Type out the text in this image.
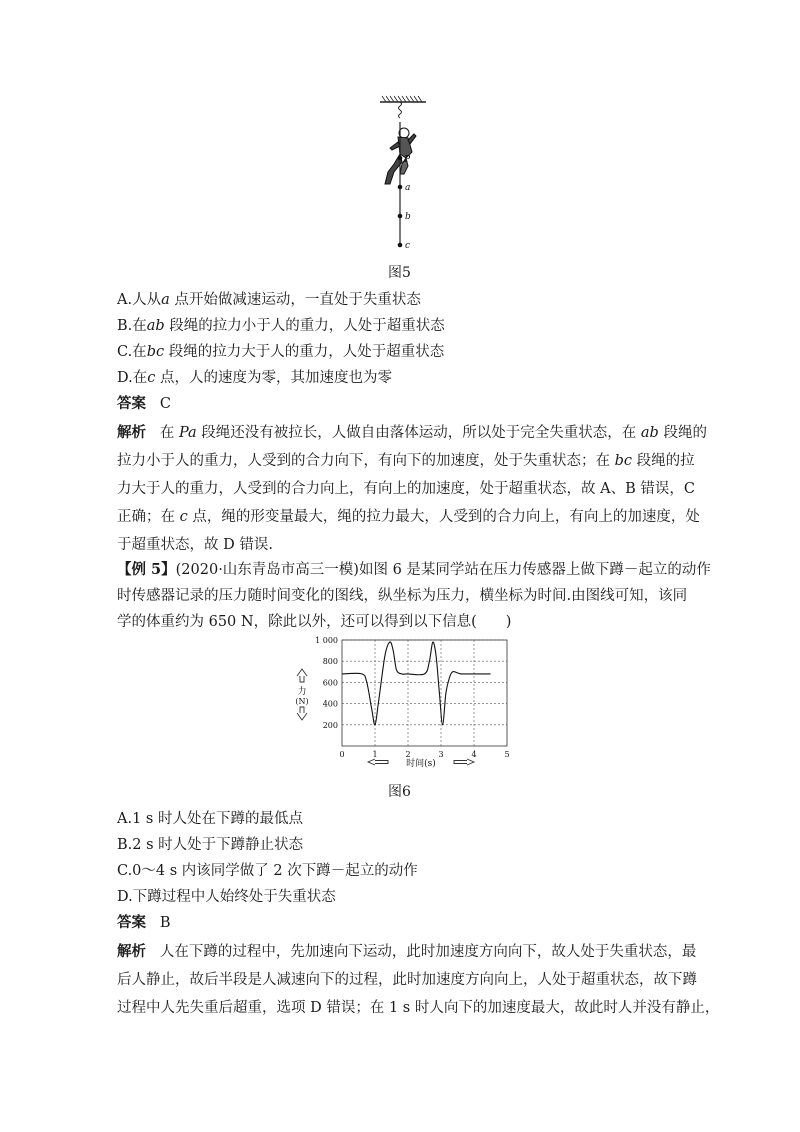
P
a
b
c
图5
A.人从a 点开始做减速运动，一直处于失重状态
B.在ab 段绳的拉力小于人的重力，人处于超重状态
C.在bc 段绳的拉力大于人的重力，人处于超重状态
D.在c 点，人的速度为零，其加速度也为零
答案 C
解析 在 Pa 段绳还没有被拉长，人做自由落体运动，所以处于完全失重状态，在 ab 段绳的
拉力小于人的重力，人受到的合力向下，有向下的加速度，处于失重状态；在 bc 段绳的拉
力大于人的重力，人受到的合力向上，有向上的加速度，处于超重状态，故 A、B 错误，C
正确；在 c 点，绳的形变量最大，绳的拉力最大，人受到的合力向上，有向上的加速度，处
于超重状态，故 D 错误.
【例 5】(2020·山东青岛市高三一模)如图 6 是某同学站在压力传感器上做下蹲－起立的动作
时传感器记录的压力随时间变化的图线，纵坐标为压力，横坐标为时间.由图线可知，该同
学的体重约为 650 N，除此以外，还可以得到以下信息(　　)
200
400
600
800
1 000
0	1	2	3	4	5
力
(N)
时间(s)
图6
A.1 s 时人处在下蹲的最低点
B.2 s 时人处于下蹲静止状态
C.0～4 s 内该同学做了 2 次下蹲－起立的动作
D.下蹲过程中人始终处于失重状态
答案 B
解析 人在下蹲的过程中，先加速向下运动，此时加速度方向向下，故人处于失重状态，最
后人静止，故后半段是人减速向下的过程，此时加速度方向向上，人处于超重状态，故下蹲
过程中人先失重后超重，选项 D 错误；在 1 s 时人向下的加速度最大，故此时人并没有静止，
